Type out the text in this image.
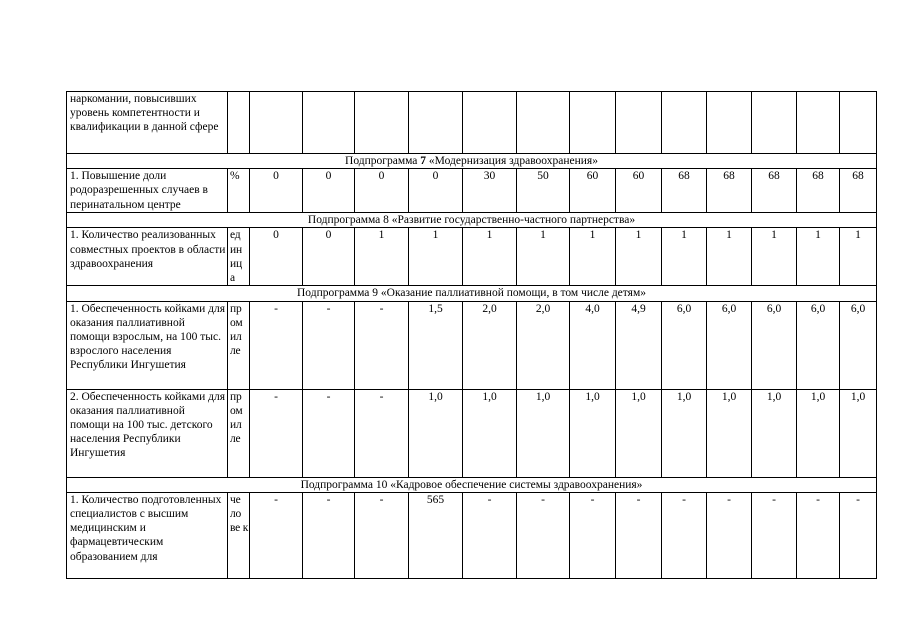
наркомании, повысивших уровень компетентности и квалификации в данной сфере														
Подпрограмма 7 «Модернизация здравоохранения»														
1. Повышение доли родоразрешенных случаев в перинатальном центре	%	0	0	0	0	30	50	60	60	68	68	68	68	68
Подпрограмма 8 «Развитие государственно-частного партнерства»														
1. Количество реализованных совместных проектов в области здравоохранения	ед ин иц а	0	0	1	1	1	1	1	1	1	1	1	1	1
Подпрограмма 9 «Оказание паллиативной помощи, в том числе детям»														
1. Обеспеченность койками для оказания паллиативной помощи взрослым, на 100 тыс. взрослого населения Республики Ингушетия	пр ом ил ле	-	-	-	1,5	2,0	2,0	4,0	4,9	6,0	6,0	6,0	6,0	6,0
2. Обеспеченность койками для оказания паллиативной помощи на 100 тыс. детского населения Республики Ингушетия	пр ом ил ле	-	-	-	1,0	1,0	1,0	1,0	1,0	1,0	1,0	1,0	1,0	1,0
Подпрограмма 10 «Кадровое обеспечение системы здравоохранения»														
1. Количество подготовленных специалистов с высшим медицинским и фармацевтическим образованием для	че ло ве к	-	-	-	565	-	-	-	-	-	-	-	-	-
